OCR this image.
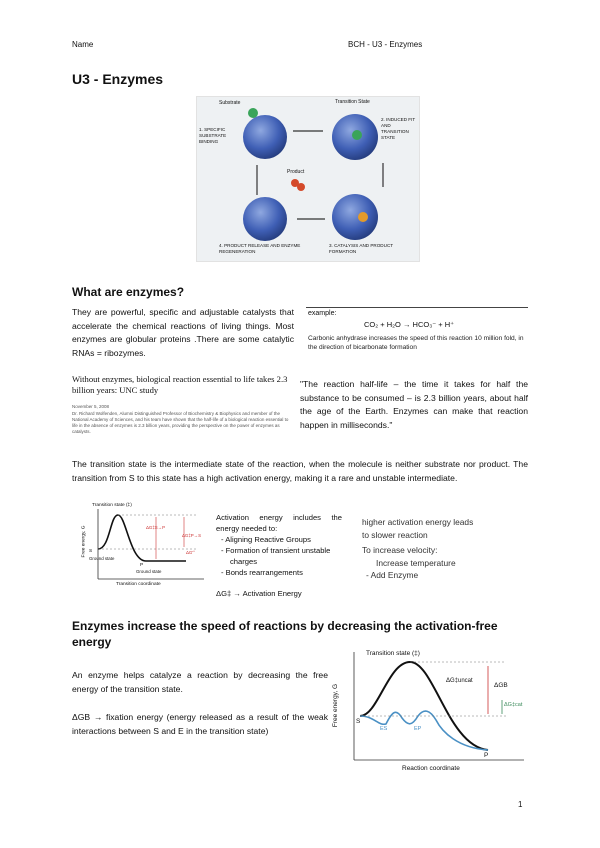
Name	BCH - U3 - Enzymes
U3 - Enzymes
Substrate	Transition State
1. SPECIFIC SUBSTRATE BINDING
2. INDUCED FIT AND TRANSITION STATE
3. CATALYSIS AND PRODUCT FORMATION
4. PRODUCT RELEASE AND ENZYME REGENERATION
Product
What are enzymes?
They are powerful, specific and adjustable catalysts that accelerate the chemical reactions of living things. Most enzymes are globular proteins .There are some catalytic RNAs = ribozymes.
example:
CO₂ + H₂O → HCO₃⁻ + H⁺
Carbonic anhydrase increases the speed of this reaction 10 million fold, in the direction of bicarbonate formation
Without enzymes, biological reaction essential to life takes 2.3 billion years: UNC study
November 5, 2008
Dr. Richard Wolfenden, Alumni Distinguished Professor of Biochemistry & Biophysics and member of the National Academy of Sciences, and his team have shown that the half-life of a biological reaction essential to life in the absence of enzymes is 2.3 billion years, providing the perspective on the power of enzymes as catalysts.
"The reaction half-life – the time it takes for half the substance to be consumed – is 2.3 billion years, about half the age of the Earth. Enzymes can make that reaction happen in milliseconds."
The transition state is the intermediate state of the reaction, when the molecule is neither substrate nor product. The transition from S to this state has a high activation energy, making it a rare and unstable intermediate.
Transition state (‡)
Free energy, G
Transition coordinate
S
Ground state
P
Ground state
ΔG‡S→P
ΔG‡P→S
ΔG'°
Activation energy includes the energy needed to:
- Aligning Reactive Groups
- Formation of transient unstable charges
- Bonds rearrangements
ΔG‡ → Activation Energy
higher activation energy leads
to slower reaction
To increase velocity:
Increase temperature
- Add Enzyme
Enzymes increase the speed of reactions by decreasing the activation-free energy
An enzyme helps catalyze a reaction by decreasing the free energy of the transition state.
ΔGB → fixation energy (energy released as a result of the weak interactions between S and E in the transition state)
Transition state (‡)
Free energy, G
Reaction coordinate
S
P
ES	EP
ΔG‡uncat
ΔGB
ΔG‡cat
1
